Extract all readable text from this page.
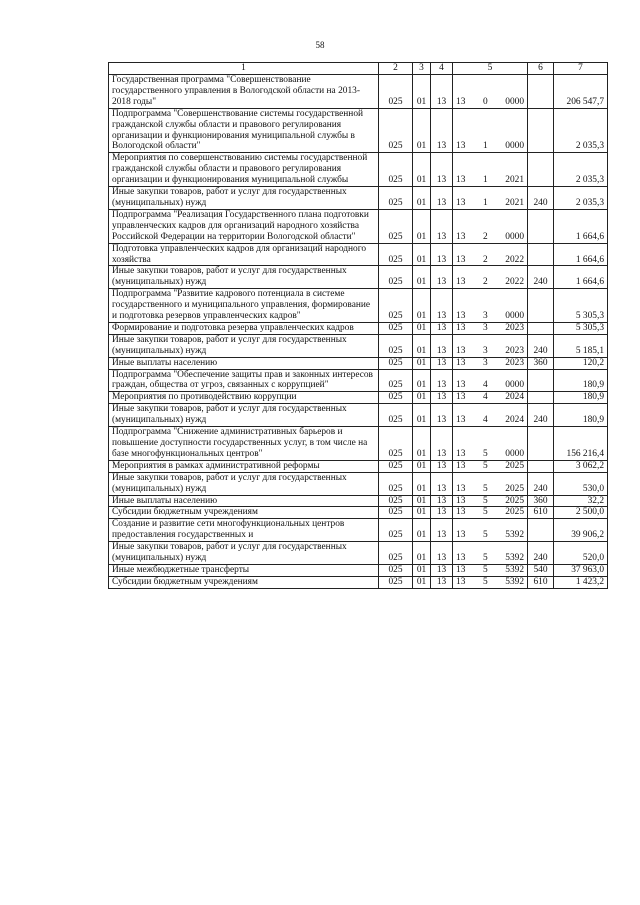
58
1	2	3	4	5	6	7
Государственная программа "Совершенствование государственного управления в Вологодской области на 2013-2018 годы"	025	01	13	13 0 0000		206 547,7
Подпрограмма "Совершенствование системы государственной гражданской службы области и правового регулирования организации и функционирования муниципальной службы в Вологодской области"	025	01	13	13 1 0000		2 035,3
Мероприятия по совершенствованию системы государственной гражданской службы области и правового регулирования организации и функционирования муниципальной службы	025	01	13	13 1 2021		2 035,3
Иные закупки товаров, работ и услуг для государственных (муниципальных) нужд	025	01	13	13 1 2021	240	2 035,3
Подпрограмма "Реализация Государственного плана подготовки управленческих кадров для организаций народного хозяйства Российской Федерации на территории Вологодской области"	025	01	13	13 2 0000		1 664,6
Подготовка управленческих кадров для организаций народного хозяйства	025	01	13	13 2 2022		1 664,6
Иные закупки товаров, работ и услуг для государственных (муниципальных) нужд	025	01	13	13 2 2022	240	1 664,6
Подпрограмма "Развитие кадрового потенциала в системе государственного и муниципального управления, формирование и подготовка резервов управленческих кадров"	025	01	13	13 3 0000		5 305,3
Формирование и подготовка резерва управленческих кадров	025	01	13	13 3 2023		5 305,3
Иные закупки товаров, работ и услуг для государственных (муниципальных) нужд	025	01	13	13 3 2023	240	5 185,1
Иные выплаты населению	025	01	13	13 3 2023	360	120,2
Подпрограмма "Обеспечение защиты прав и законных интересов граждан, общества от угроз, связанных с коррупцией"	025	01	13	13 4 0000		180,9
Мероприятия по противодействию коррупции	025	01	13	13 4 2024		180,9
Иные закупки товаров, работ и услуг для государственных (муниципальных) нужд	025	01	13	13 4 2024	240	180,9
Подпрограмма "Снижение административных барьеров и повышение доступности государственных услуг, в том числе на базе многофункциональных центров"	025	01	13	13 5 0000		156 216,4
Мероприятия в рамках административной реформы	025	01	13	13 5 2025		3 062,2
Иные закупки товаров, работ и услуг для государственных (муниципальных) нужд	025	01	13	13 5 2025	240	530,0
Иные выплаты населению	025	01	13	13 5 2025	360	32,2
Субсидии бюджетным учреждениям	025	01	13	13 5 2025	610	2 500,0
Создание и развитие сети многофункциональных центров предоставления государственных и	025	01	13	13 5 5392		39 906,2
Иные закупки товаров, работ и услуг для государственных (муниципальных) нужд	025	01	13	13 5 5392	240	520,0
Иные межбюджетные трансферты	025	01	13	13 5 5392	540	37 963,0
Субсидии бюджетным учреждениям	025	01	13	13 5 5392	610	1 423,2
